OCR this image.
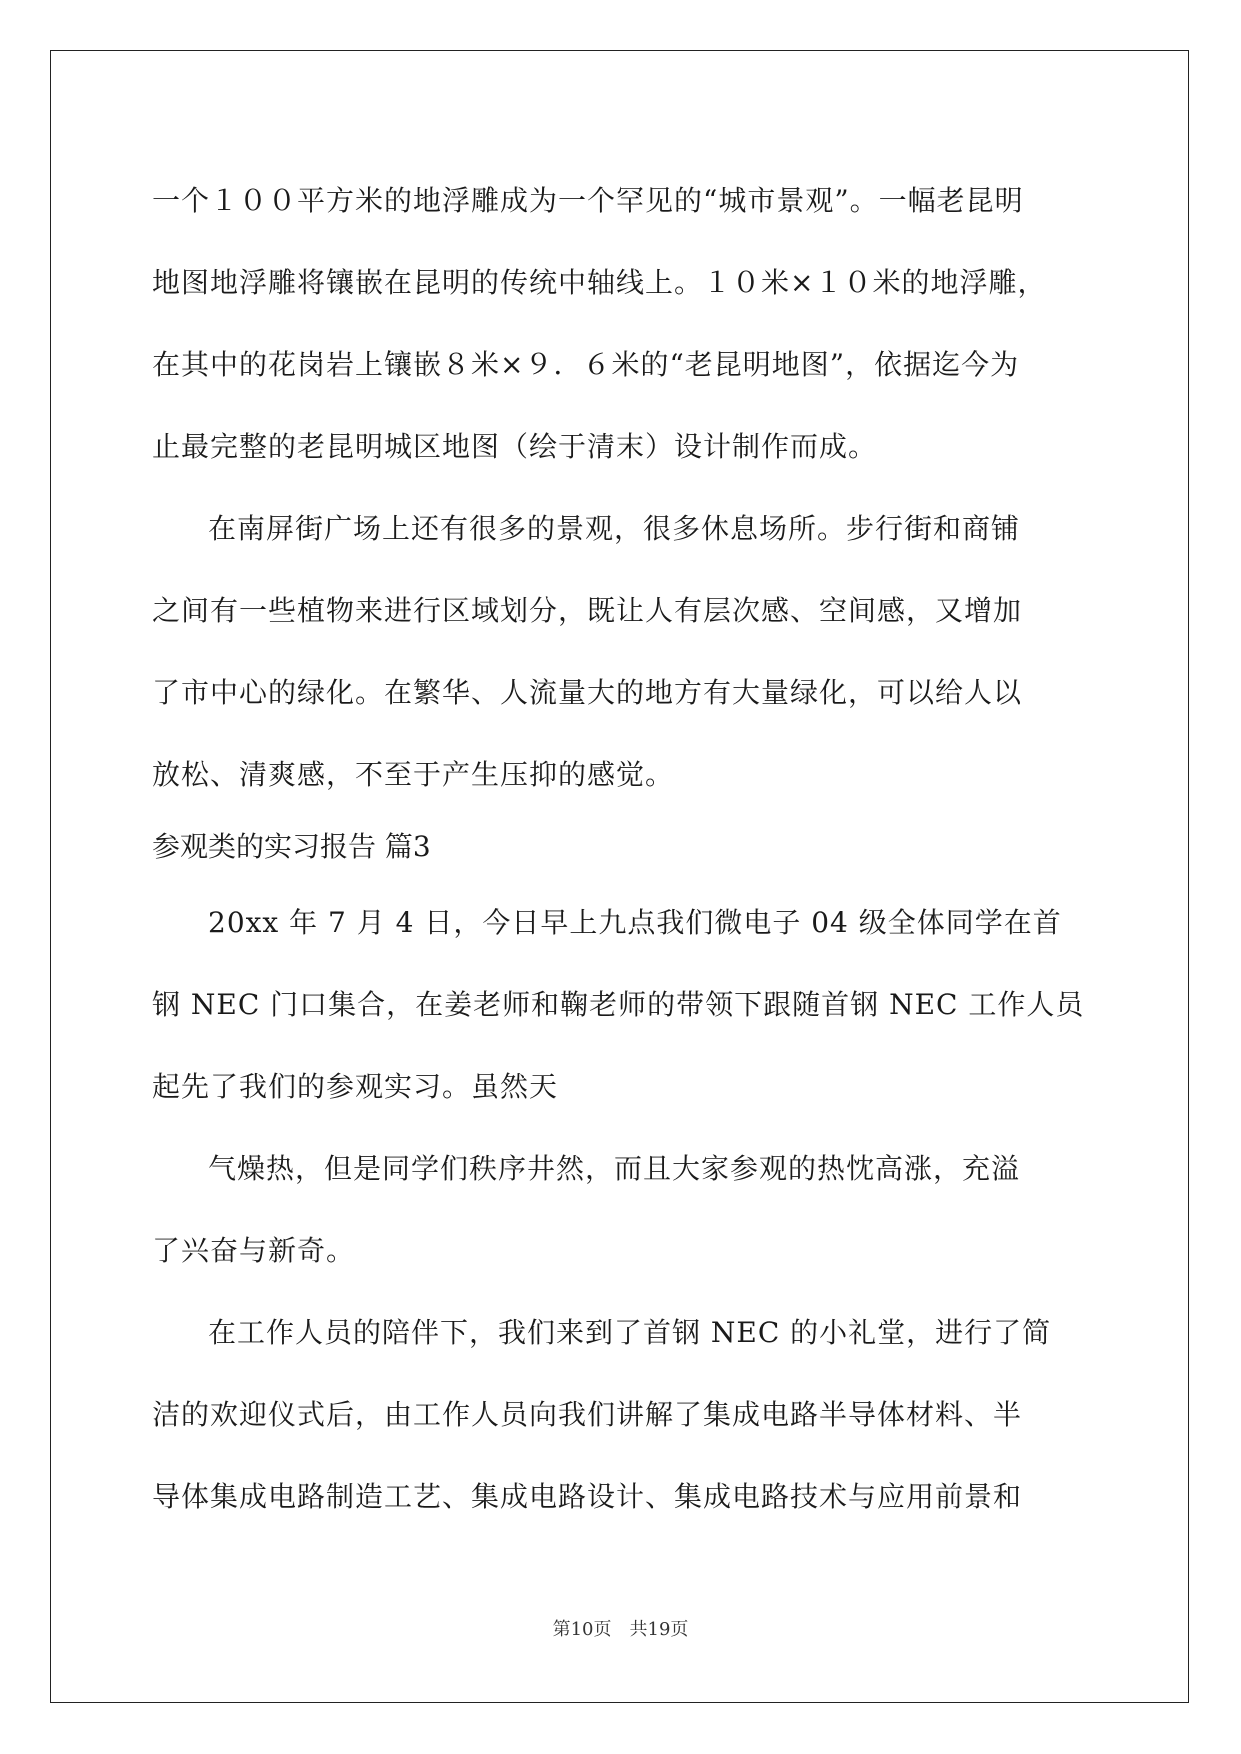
一个１００平方米的地浮雕成为一个罕见的“城市景观”。一幅老昆明
地图地浮雕将镶嵌在昆明的传统中轴线上。１０米×１０米的地浮雕，
在其中的花岗岩上镶嵌８米×９．６米的“老昆明地图”，依据迄今为
止最完整的老昆明城区地图（绘于清末）设计制作而成。
在南屏街广场上还有很多的景观，很多休息场所。步行街和商铺
之间有一些植物来进行区域划分，既让人有层次感、空间感，又增加
了市中心的绿化。在繁华、人流量大的地方有大量绿化，可以给人以
放松、清爽感，不至于产生压抑的感觉。
参观类的实习报告 篇3
20xx 年 7 月 4 日，今日早上九点我们微电子 04 级全体同学在首
钢 NEC 门口集合，在姜老师和鞠老师的带领下跟随首钢 NEC 工作人员
起先了我们的参观实习。虽然天
气燥热，但是同学们秩序井然，而且大家参观的热忱高涨，充溢
了兴奋与新奇。
在工作人员的陪伴下，我们来到了首钢 NEC 的小礼堂，进行了简
洁的欢迎仪式后，由工作人员向我们讲解了集成电路半导体材料、半
导体集成电路制造工艺、集成电路设计、集成电路技术与应用前景和
第10页　共19页
